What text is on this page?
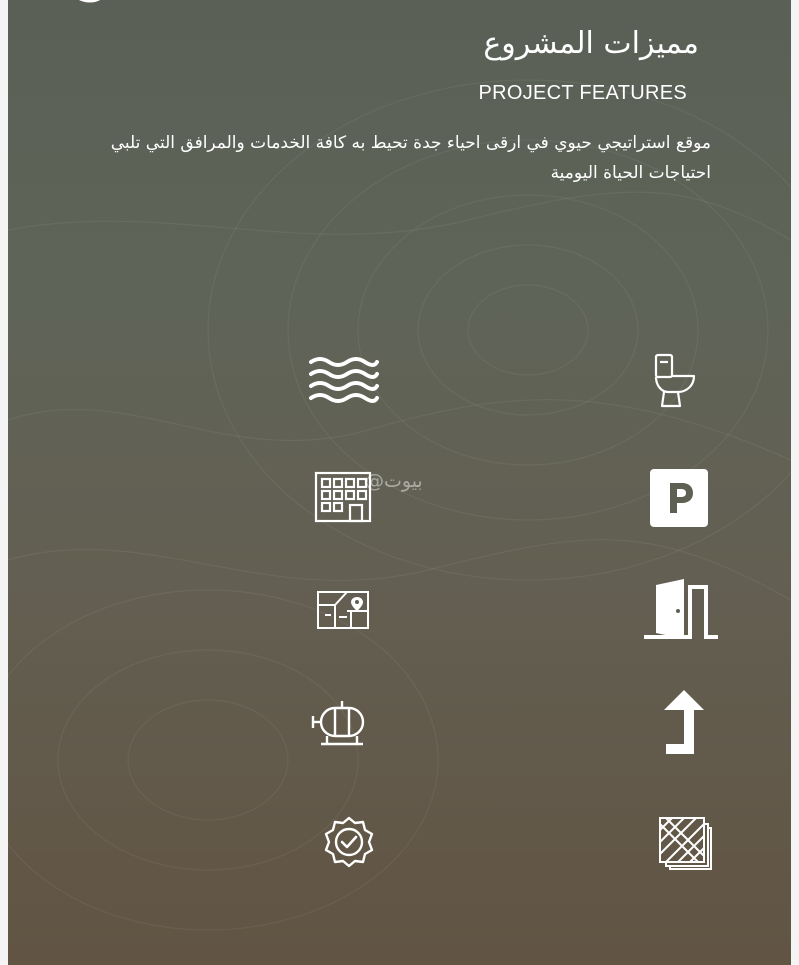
مميزات المشروع
PROJECT FEATURES
موقع استراتيجي حيوي في ارقى احياء جدة تحيط به كافة الخدمات والمرافق التي تلبي احتياجات الحياة اليومية
بيوت@
